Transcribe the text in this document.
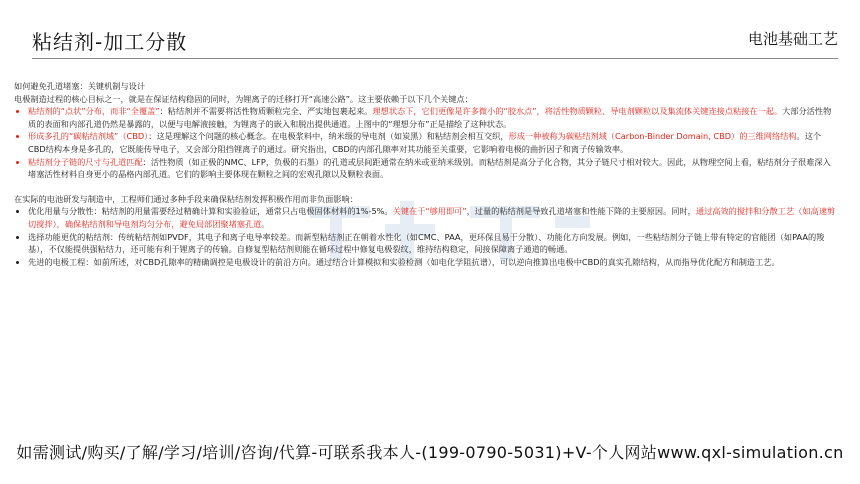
粘结剂-加工分散	电池基础工艺

如何避免孔道堵塞：关键机制与设计

电极制造过程的核心目标之一，就是在保证结构稳固的同时，为锂离子的迁移打开“高速公路”。这主要依赖于以下几个关键点：

• 粘结剂的“点状”分布，而非“全覆盖”：粘结剂并不需要将活性物质颗粒完全、严实地包裹起来。理想状态下，它们更像是许多微小的“胶水点”，将活性物质颗粒、导电剂颗粒以及集流体关键连接点粘接在一起。大部分活性物质的表面和内部孔道仍然是暴露的，以便与电解液接触，为锂离子的嵌入和脱出提供通道。上图中的“理想分布”正是描绘了这种状态。
• 形成多孔的“碳粘结剂域”（CBD）：这是理解这个问题的核心概念。在电极浆料中，纳米级的导电剂（如炭黑）和粘结剂会相互交织，形成一种被称为碳粘结剂域（Carbon-Binder Domain, CBD）的三维网络结构。这个CBD结构本身是多孔的，它既能传导电子，又会部分阻挡锂离子的通过。研究指出，CBD的内部孔隙率对其功能至关重要，它影响着电极的曲折因子和离子传输效率。
• 粘结剂分子链的尺寸与孔道匹配：活性物质（如正极的NMC、LFP，负极的石墨）的孔道或层间距通常在纳米或亚纳米级别。而粘结剂是高分子化合物，其分子链尺寸相对较大。因此，从物理空间上看，粘结剂分子很难深入堵塞活性材料自身更小的晶格内部孔道。它们的影响主要体现在颗粒之间的宏观孔隙以及颗粒表面。

在实际的电池研发与制造中，工程师们通过多种手段来确保粘结剂发挥积极作用而非负面影响：

• 优化用量与分散性：粘结剂的用量需要经过精确计算和实验验证，通常只占电极固体材料的1%-5%。关键在于“够用即可”，过量的粘结剂是导致孔道堵塞和性能下降的主要原因。同时，通过高效的搅拌和分散工艺（如高速剪切搅拌），确保粘结剂和导电剂均匀分布，避免局部团聚堵塞孔道。
• 选择功能更优的粘结剂：传统粘结剂如PVDF，其电子和离子电导率较差。而新型粘结剂正在朝着水性化（如CMC、PAA，更环保且易于分散）、功能化方向发展。例如，一些粘结剂分子链上带有特定的官能团（如PAA的羧基），不仅能提供强粘结力，还可能有利于锂离子的传输。自修复型粘结剂则能在循环过程中修复电极裂纹，维持结构稳定，间接保障离子通道的畅通。
• 先进的电极工程：如前所述，对CBD孔隙率的精确调控是电极设计的前沿方向。通过结合计算模拟和实验检测（如电化学阻抗谱），可以逆向推算出电极中CBD的真实孔隙结构，从而指导优化配方和制造工艺。
如需测试/购买/了解/学习/培训/咨询/代算-可联系我本人-(199-0790-5031)+V-个人网站www.qxl-simulation.cn
